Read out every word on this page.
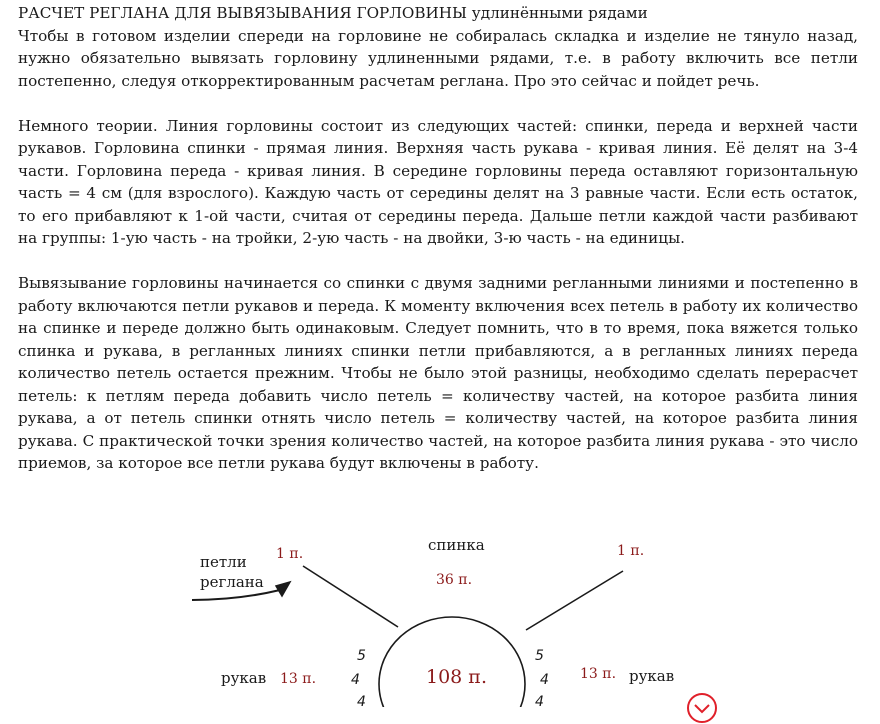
РАСЧЕТ РЕГЛАНА ДЛЯ ВЫВЯЗЫВАНИЯ ГОРЛОВИНЫ удлинёнными рядами

Чтобы в готовом изделии спереди на горловине не собиралась складка и изделие не тянуло назад, нужно обязательно вывязать горловину удлиненными рядами, т.е. в работу включить все петли постепенно, следуя откорректированным расчетам реглана. Про это сейчас и пойдет речь.

Немного теории. Линия горловины состоит из следующих частей: спинки, переда и верхней части рукавов. Горловина спинки - прямая линия. Верхняя часть рукава - кривая линия. Её делят на 3-4 части. Горловина переда - кривая линия. В середине горловины переда оставляют горизонтальную часть = 4 см (для взрослого). Каждую часть от середины делят на 3 равные части. Если есть остаток, то его прибавляют к 1-ой части, считая от середины переда. Дальше петли каждой части разбивают на группы: 1-ую часть - на тройки, 2-ую часть - на двойки, 3-ю часть - на единицы.

Вывязывание горловины начинается со спинки с двумя задними регланными линиями и постепенно в работу включаются петли рукавов и переда. К моменту включения всех петель в работу их количество на спинке и переде должно быть одинаковым. Следует помнить, что в то время, пока вяжется только спинка и рукава, в регланных линиях спинки петли прибавляются, а в регланных линиях переда количество петель остается прежним. Чтобы не было этой разницы, необходимо сделать перерасчет петель: к петлям переда добавить число петель = количеству частей, на которое разбита линия рукава, а от петель спинки отнять число петель = количеству частей, на которое разбита линия рукава. С практической точки зрения количество частей, на которое разбита линия рукава - это число приемов, за которое все петли рукава будут включены в работу.

петли
реглана
1 п.	спинка
36 п.
1 п.
рукав 13 п.	108 п.	13 п. рукав
5
4
4
5
4
4
